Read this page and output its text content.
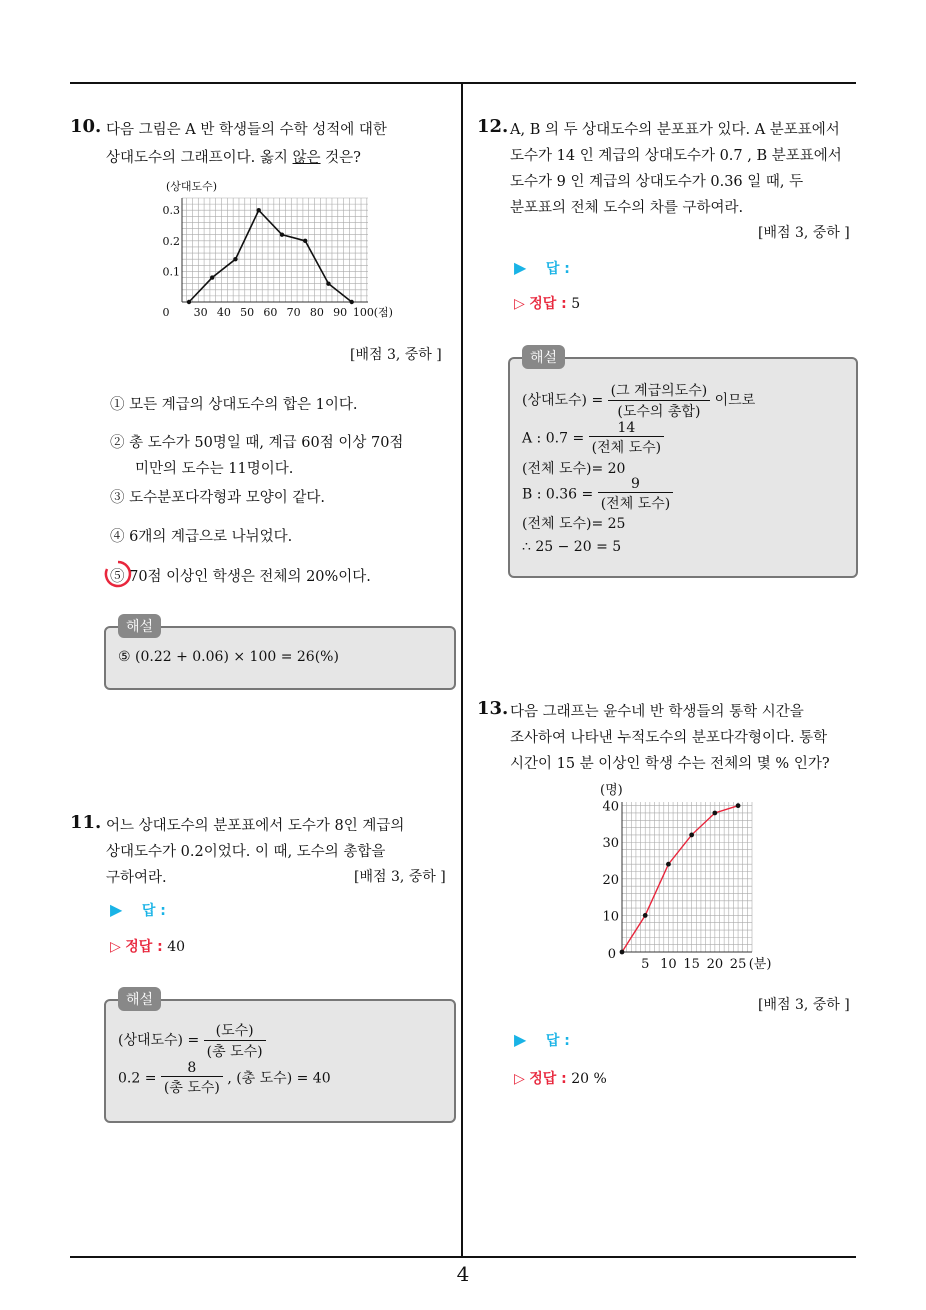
4
10. 다음 그림은 A 반 학생들의 수학 성적에 대한
상대도수의 그래프이다. 옳지 않은 것은?
30 40 50 60 70 80 90 100 (점)
0.1
0.2
0.3
0
(상대도수)
[배점 3, 중하 ]
① 모든 계급의 상대도수의 합은 1이다.
② 총 도수가 50명일 때, 계급 60점 이상 70점
미만의 도수는 11명이다.
③ 도수분포다각형과 모양이 같다.
④ 6개의 계급으로 나뉘었다.
⑤ 70점 이상인 학생은 전체의 20%이다.
해설
⑤ (0.22 + 0.06) × 100 = 26(%)
11. 어느 상대도수의 분포표에서 도수가 8인 계급의
상대도수가 0.2이었다. 이 때, 도수의 총합을
구하여라.	[배점 3, 중하 ]
▶ 답 :
▷ 정답 : 40
해설
(상대도수) = $\frac{\text{(도수)}}{\text{(총 도수)}}$
$0.2 = \frac{8}{\text{(총 도수)}}$ , (총 도수) = 40
12. A, B 의 두 상대도수의 분포표가 있다. A 분포표에서
도수가 14 인 계급의 상대도수가 0.7 , B 분포표에서
도수가 9 인 계급의 상대도수가 0.36 일 때, 두
분포표의 전체 도수의 차를 구하여라.
[배점 3, 중하 ]
▶ 답 :
▷ 정답 : 5
해설
(상대도수) = $\frac{\text{(그 계급의도수)}}{\text{(도수의 총합)}}$ 이므로
A : $0.7 = \frac{14}{\text{(전체 도수)}}$
(전체 도수)= 20
B : $0.36 = \frac{9}{\text{(전체 도수)}}$
(전체 도수)= 25
∴ 25 − 20 = 5
13. 다음 그래프는 윤수네 반 학생들의 통학 시간을
조사하여 나타낸 누적도수의 분포다각형이다. 통학
시간이 15 분 이상인 학생 수는 전체의 몇 % 인가?
5 10 15 20 25 (분)
10
20
30
40
0
(명)
[배점 3, 중하 ]
▶ 답 :
▷ 정답 : 20 %
